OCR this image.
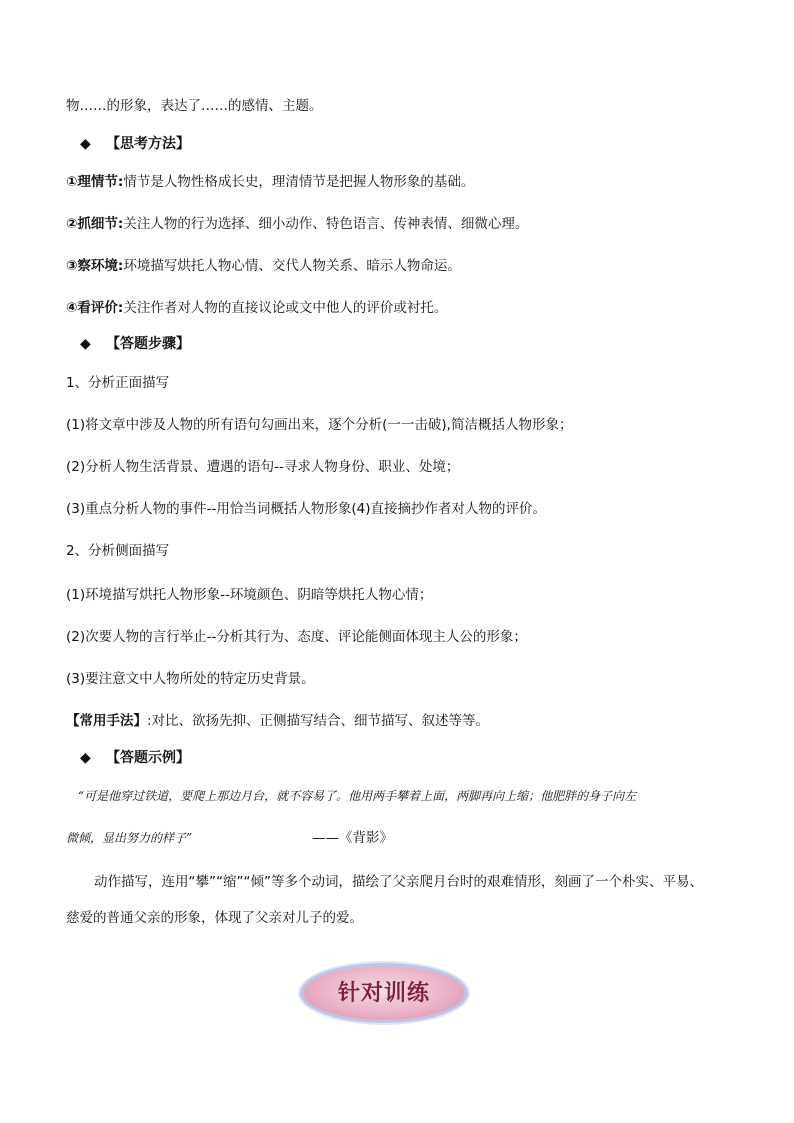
物……的形象，表达了……的感情、主题。
◆ 【思考方法】
①理情节:情节是人物性格成长史，理清情节是把握人物形象的基础。
②抓细节:关注人物的行为选择、细小动作、特色语言、传神表情、细微心理。
③察环境:环境描写烘托人物心情、交代人物关系、暗示人物命运。
④看评价:关注作者对人物的直接议论或文中他人的评价或衬托。
◆ 【答题步骤】
1、分析正面描写
(1)将文章中涉及人物的所有语句勾画出来，逐个分析(一一击破),简洁概括人物形象；
(2)分析人物生活背景、遭遇的语句--寻求人物身份、职业、处境；
(3)重点分析人物的事件--用恰当词概括人物形象(4)直接摘抄作者对人物的评价。
2、分析侧面描写
(1)环境描写烘托人物形象--环境颜色、阴暗等烘托人物心情；
(2)次要人物的言行举止--分析其行为、态度、评论能侧面体现主人公的形象；
(3)要注意文中人物所处的特定历史背景。
【常用手法】:对比、欲扬先抑、正侧描写结合、细节描写、叙述等等。
◆ 【答题示例】
“可是他穿过铁道，要爬上那边月台，就不容易了。他用两手攀着上面，两脚再向上缩；他肥胖的身子向左
微倾，显出努力的样子”	——《背影》
动作描写，连用“攀”“缩”“倾”等多个动词，描绘了父亲爬月台时的艰难情形，刻画了一个朴实、平易、
慈爱的普通父亲的形象，体现了父亲对儿子的爱。
针对训练
